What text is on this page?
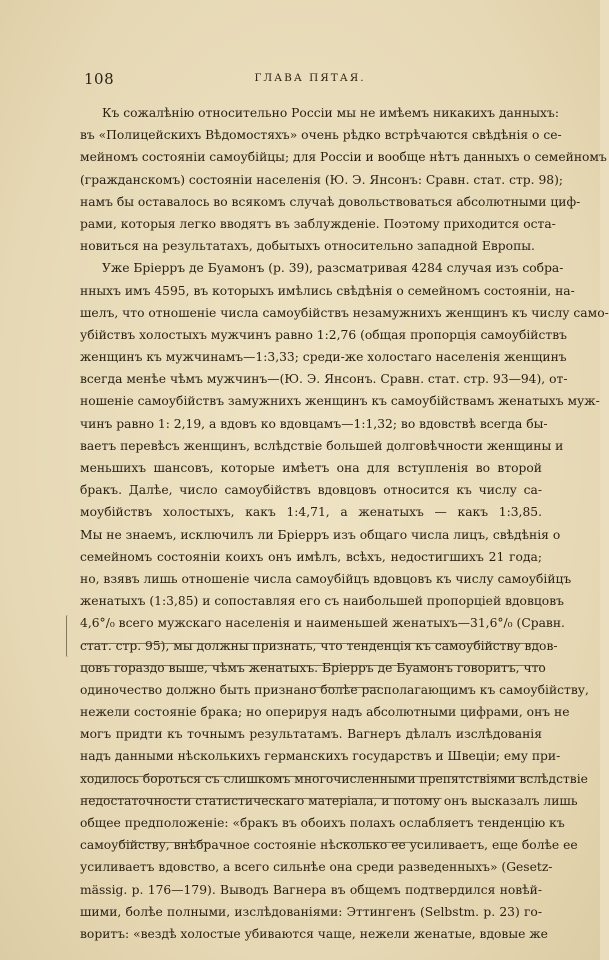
108	ГЛАВА ПЯТАЯ.
Къ сожалѣнію относительно Россіи мы не имѣемъ никакихъ данныхъ:
въ «Полицейскихъ Вѣдомостяхъ» очень рѣдко встрѣчаются свѣдѣнія о се-
мейномъ состояніи самоубійцы; для Россіи и вообще нѣтъ данныхъ о семейномъ
(гражданскомъ) состояніи населенія (Ю. Э. Янсонъ: Сравн. стат. стр. 98);
намъ бы оставалось во всякомъ случаѣ довольствоваться абсолютными циф-
рами, которыя легко вводятъ въ заблужденіе. Поэтому приходится оста-
новиться на результатахъ, добытыхъ относительно западной Европы.
Уже Бріерръ де Буамонъ (р. 39), разсматривая 4284 случая изъ собра-
нныхъ имъ 4595, въ которыхъ имѣлись свѣдѣнія о семейномъ состояніи, на-
шелъ, что отношеніе числа самоубійствъ незамужнихъ женщинъ къ числу само-
убійствъ холостыхъ мужчинъ равно 1:2,76 (общая пропорція самоубійствъ
женщинъ къ мужчинамъ—1:3,33; среди-же холостаго населенія женщинъ
всегда менѣе чѣмъ мужчинъ—(Ю. Э. Янсонъ. Сравн. стат. стр. 93—94), от-
ношеніе самоубійствъ замужнихъ женщинъ къ самоубійствамъ женатыхъ муж-
чинъ равно 1: 2,19, а вдовъ ко вдовцамъ—1:1,32; во вдовствѣ всегда бы-
ваетъ перевѣсъ женщинъ, вслѣдствіе большей долговѣчности женщины и
меньшихъ шансовъ, которые имѣетъ она для вступленія во второй
бракъ. Далѣе, число самоубійствъ вдовцовъ относится къ числу са-
моубійствъ холостыхъ, какъ 1:4,71, а женатыхъ — какъ 1:3,85.
Мы не знаемъ, исключилъ ли Бріерръ изъ общаго числа лицъ, свѣдѣнія о
семейномъ состояніи коихъ онъ имѣлъ, всѣхъ, недостигшихъ 21 года;
но, взявъ лишь отношеніе числа самоубійцъ вдовцовъ къ числу самоубійцъ
женатыхъ (1:3,85) и сопоставляя его съ наибольшей пропорціей вдовцовъ
4,6°/₀ всего мужскаго населенія и наименьшей женатыхъ—31,6°/₀ (Сравн.
стат. стр. 95), мы должны признать, что тенденція къ самоубійству вдов-
цовъ гораздо выше, чѣмъ женатыхъ. Бріерръ де Буамонъ говоритъ, что
одиночество должно быть признано болѣе располагающимъ къ самоубійству,
нежели состояніе брака; но оперируя надъ абсолютными цифрами, онъ не
могъ придти къ точнымъ результатамъ. Вагнеръ дѣлалъ изслѣдованія
надъ данными нѣсколькихъ германскихъ государствъ и Швеціи; ему при-
ходилось бороться съ слишкомъ многочисленными препятствіями вслѣдствіе
недостаточности статистическаго матеріала, и потому онъ высказалъ лишь
общее предположеніе: «бракъ въ обоихъ полахъ ослабляетъ тенденцію къ
самоубійству, внѣбрачное состояніе нѣсколько ее усиливаетъ, еще болѣе ее
усиливаетъ вдовство, а всего сильнѣе она среди разведенныхъ» (Gesetz-
mässig. p. 176—179). Выводъ Вагнера въ общемъ подтвердился новѣй-
шими, болѣе полными, изслѣдованіями: Эттингенъ (Selbstm. p. 23) го-
воритъ: «вездѣ холостые убиваются чаще, нежели женатые, вдовые же
